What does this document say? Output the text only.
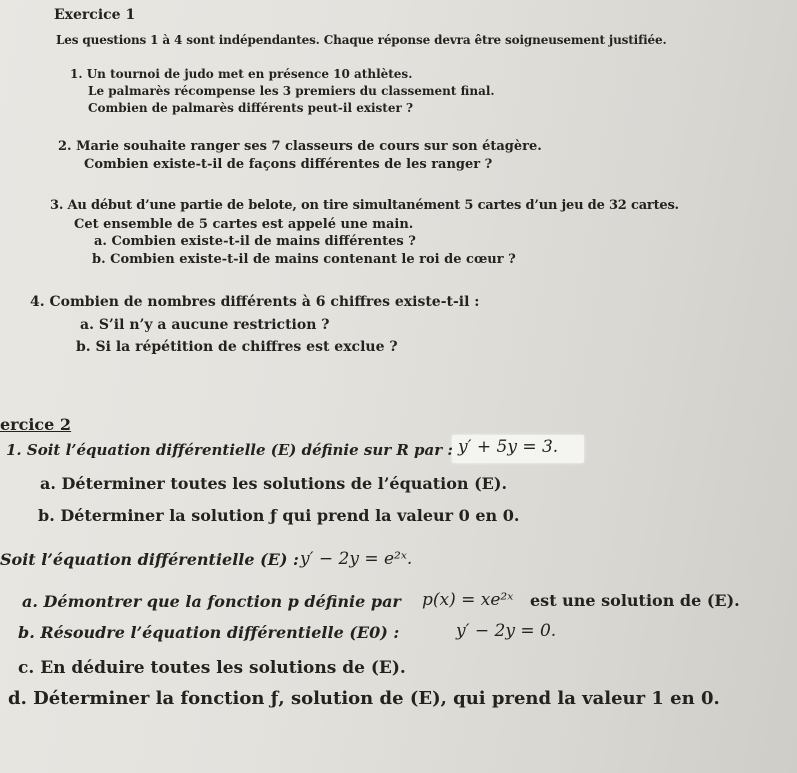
Exercice 1
Les questions 1 à 4 sont indépendantes. Chaque réponse devra être soigneusement justifiée.
1. Un tournoi de judo met en présence 10 athlètes.
Le palmarès récompense les 3 premiers du classement final.
Combien de palmarès différents peut-il exister ?
2. Marie souhaite ranger ses 7 classeurs de cours sur son étagère.
Combien existe-t-il de façons différentes de les ranger ?
3. Au début d’une partie de belote, on tire simultanément 5 cartes d’un jeu de 32 cartes.
Cet ensemble de 5 cartes est appelé une main.
a. Combien existe-t-il de mains différentes ?
b. Combien existe-t-il de mains contenant le roi de cœur ?
4. Combien de nombres différents à 6 chiffres existe-t-il :
a. S’il n’y a aucune restriction ?
b. Si la répétition de chiffres est exclue ?
ercice 2
1. Soit l’équation différentielle (E) définie sur R par : y′ + 5y = 3.
a. Déterminer toutes les solutions de l’équation (E).
b. Déterminer la solution ƒ qui prend la valeur 0 en 0.
Soit l’équation différentielle (E) : y′ − 2y = e²ˣ.
a. Démontrer que la fonction p définie par p(x) = xe²ˣ est une solution de (E).
b. Résoudre l’équation différentielle (E0) :	y′ − 2y = 0.
c. En déduire toutes les solutions de (E).
d. Déterminer la fonction ƒ, solution de (E), qui prend la valeur 1 en 0.
